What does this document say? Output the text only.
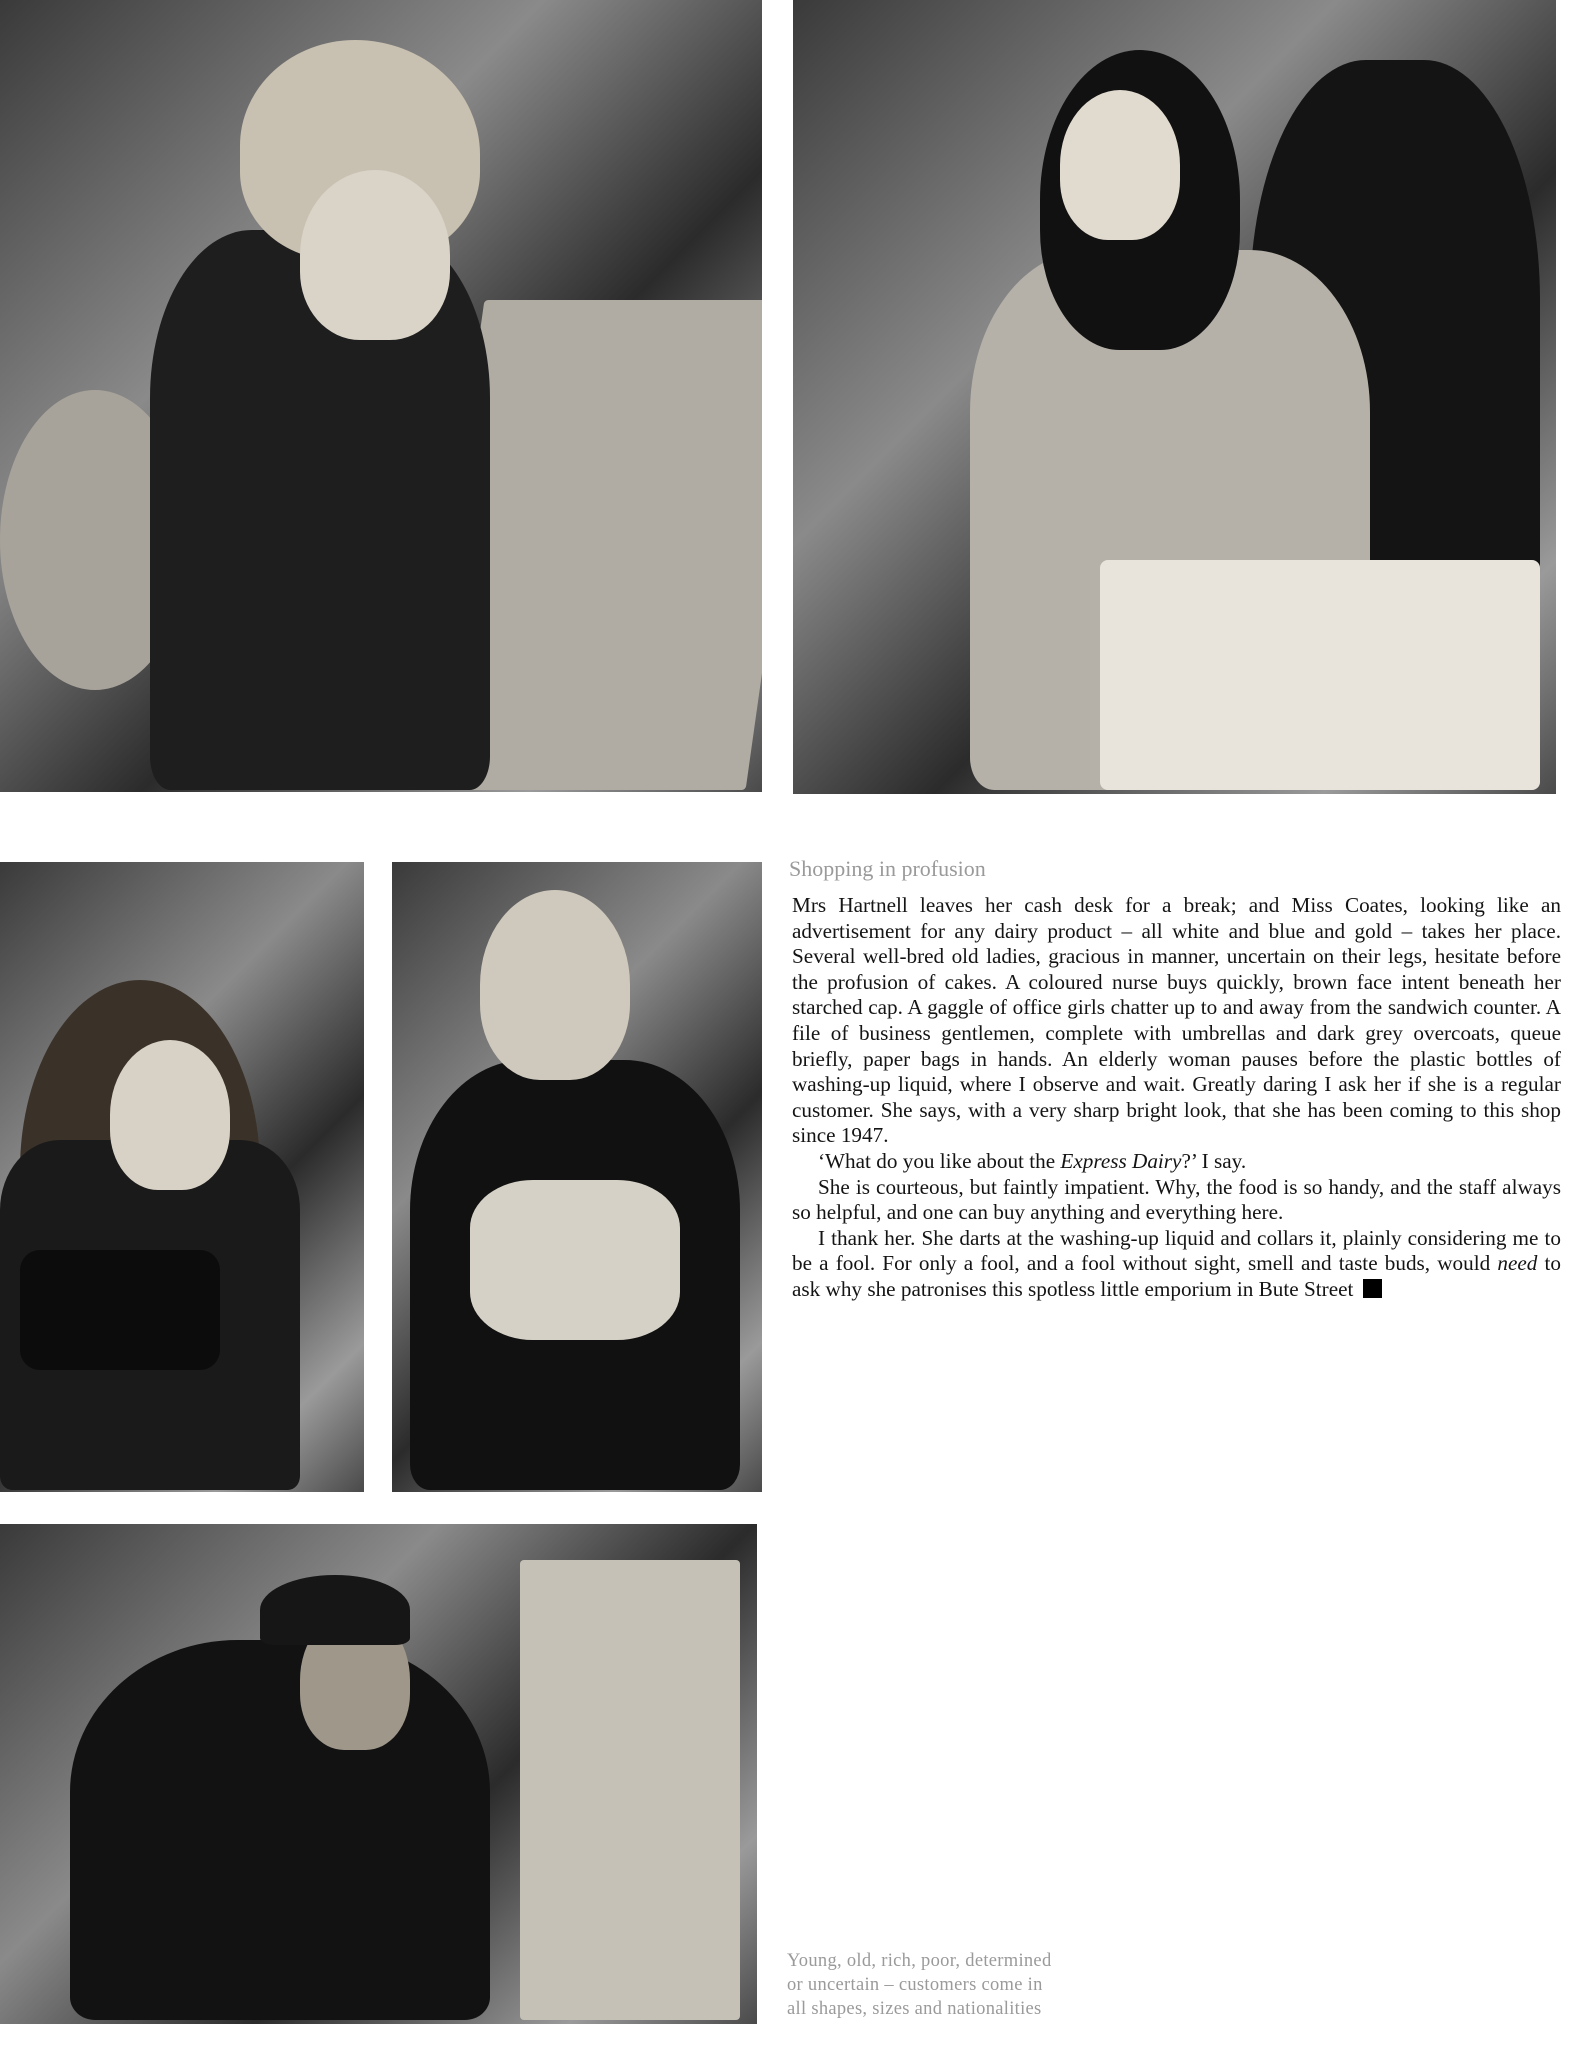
Shopping in profusion

Mrs Hartnell leaves her cash desk for a break; and Miss Coates, looking like an advertisement for any dairy product – all white and blue and gold – takes her place. Several well-bred old ladies, gracious in manner, uncertain on their legs, hesitate before the profusion of cakes. A coloured nurse buys quickly, brown face intent beneath her starched cap. A gaggle of office girls chatter up to and away from the sandwich counter. A file of business gentlemen, complete with umbrellas and dark grey overcoats, queue briefly, paper bags in hands. An elderly woman pauses before the plastic bottles of washing-up liquid, where I observe and wait. Greatly daring I ask her if she is a regular customer. She says, with a very sharp bright look, that she has been coming to this shop since 1947.

‘What do you like about the Express Dairy?’ I say.

She is courteous, but faintly impatient. Why, the food is so handy, and the staff always so helpful, and one can buy anything and everything here.

I thank her. She darts at the washing-up liquid and collars it, plainly considering me to be a fool. For only a fool, and a fool without sight, smell and taste buds, would need to ask why she patronises this spotless little emporium in Bute Street

Young, old, rich, poor, determined
or uncertain – customers come in
all shapes, sizes and nationalities
